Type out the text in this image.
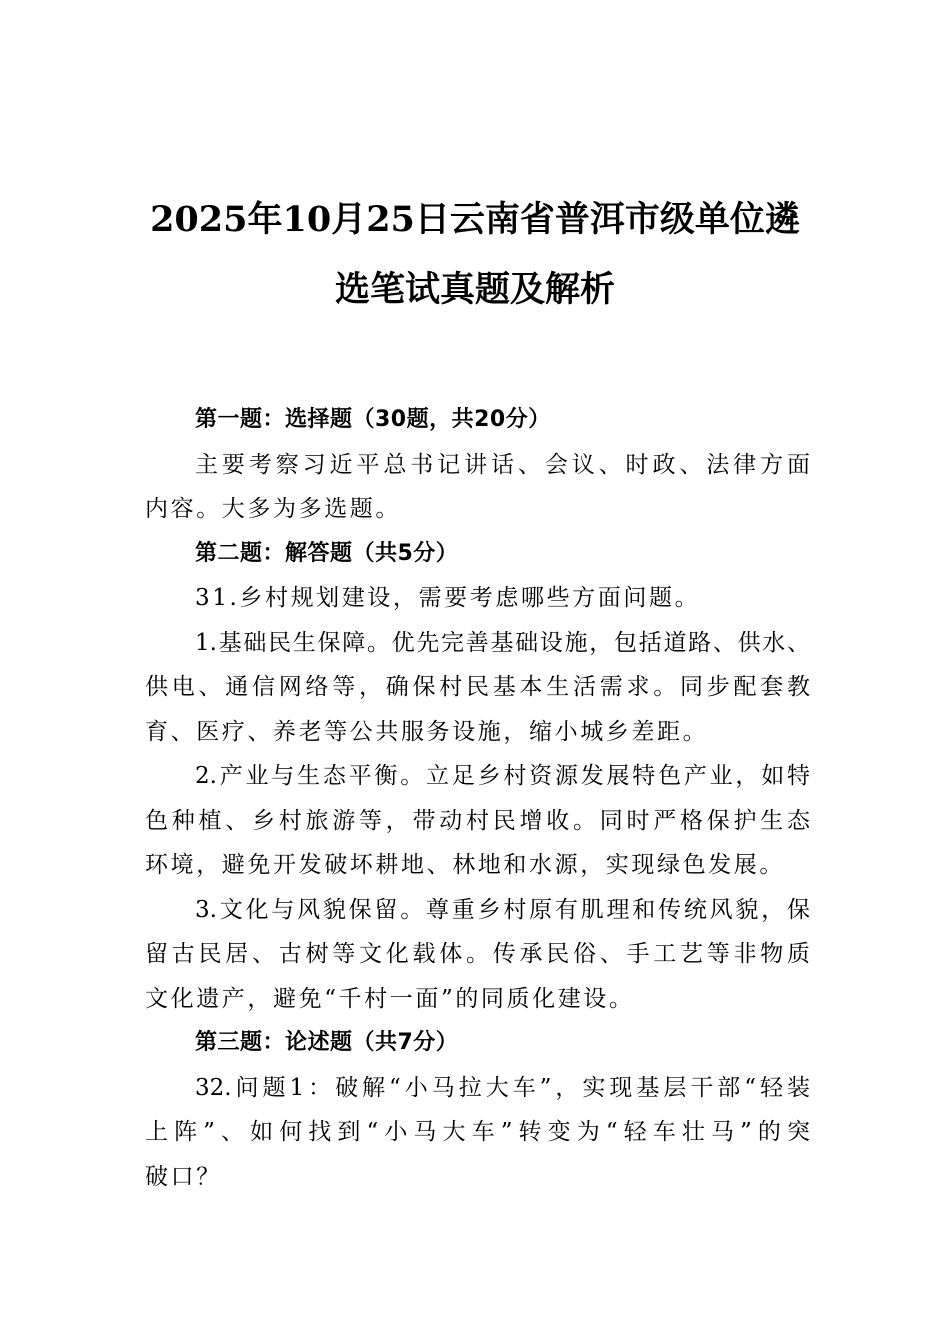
2025年10月25日云南省普洱市级单位遴
选笔试真题及解析
第一题：选择题（30题，共20分）
主要考察习近平总书记讲话、会议、时政、法律方面
内容。大多为多选题。
第二题：解答题（共5分）
31.乡村规划建设，需要考虑哪些方面问题。
1.基础民生保障。优先完善基础设施，包括道路、供水、
供电、通信网络等，确保村民基本生活需求。同步配套教
育、医疗、养老等公共服务设施，缩小城乡差距。
2.产业与生态平衡。立足乡村资源发展特色产业，如特
色种植、乡村旅游等，带动村民增收。同时严格保护生态
环境，避免开发破坏耕地、林地和水源，实现绿色发展。
3.文化与风貌保留。尊重乡村原有肌理和传统风貌，保
留古民居、古树等文化载体。传承民俗、手工艺等非物质
文化遗产，避免“千村一面”的同质化建设。
第三题：论述题（共7分）
32.问题1：破解“小马拉大车”，实现基层干部“轻装
上阵”、如何找到“小马大车”转变为“轻车壮马”的突
破口？
